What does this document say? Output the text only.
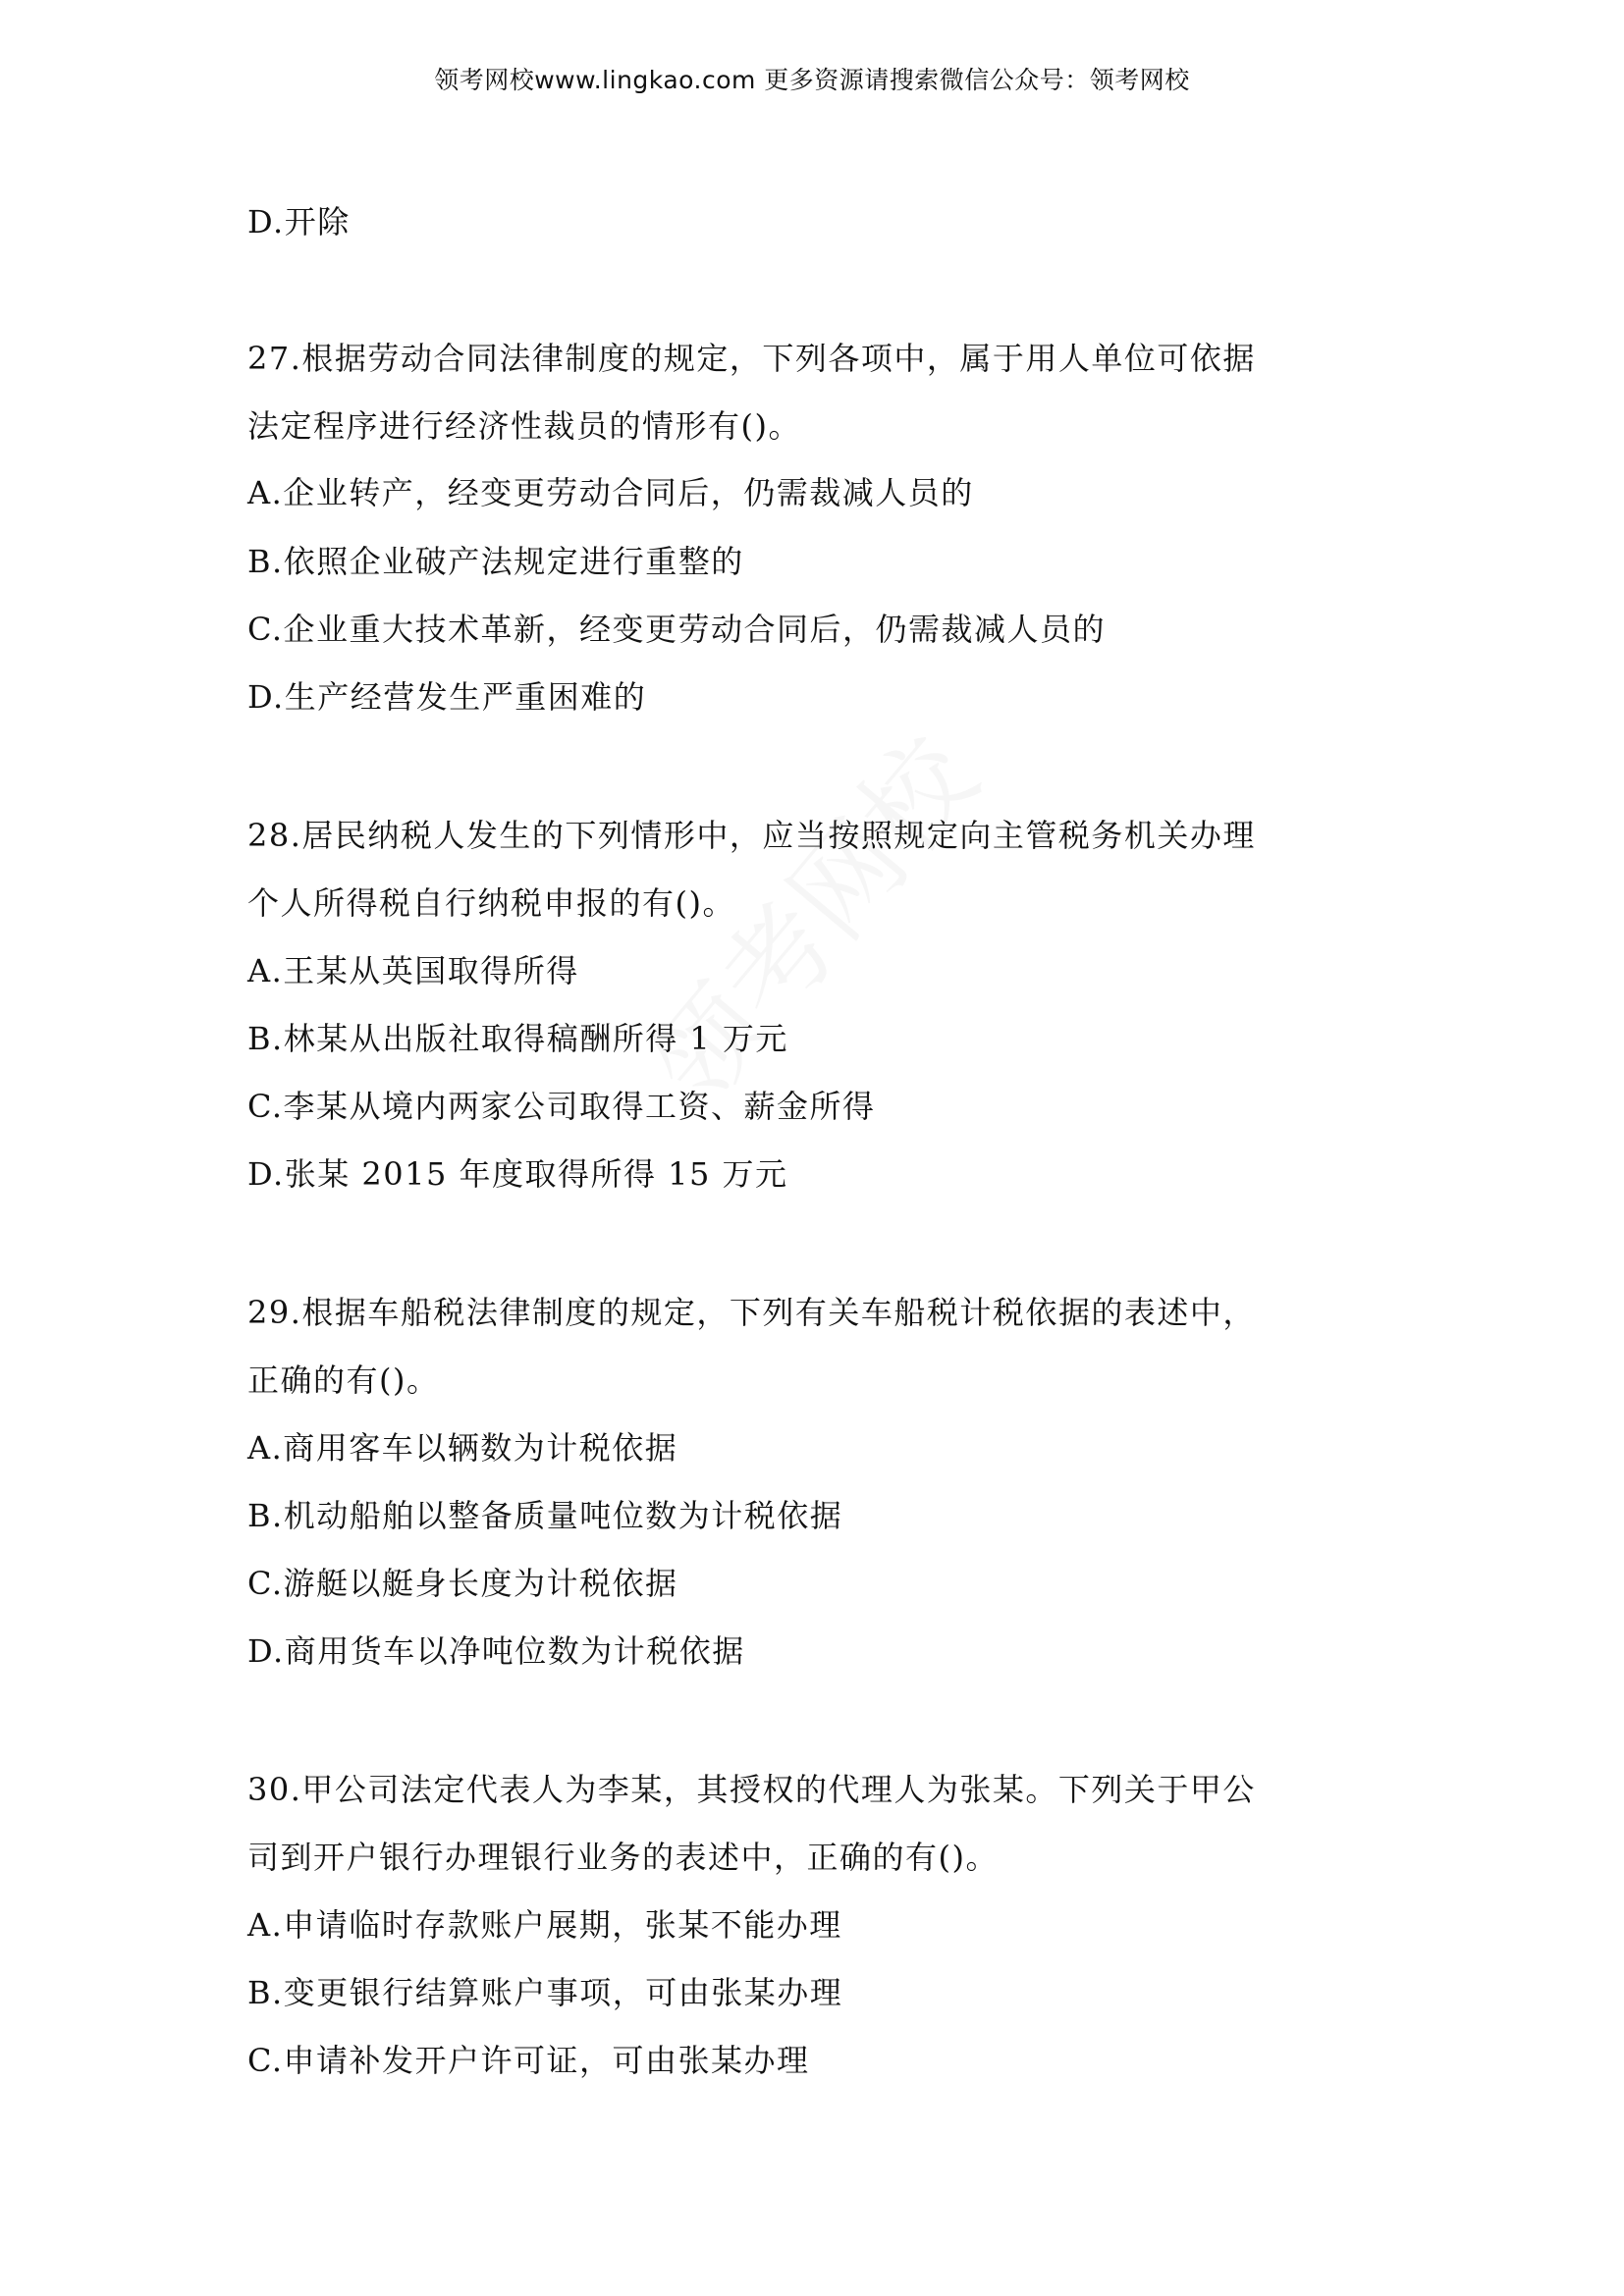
领考网校www.lingkao.com 更多资源请搜索微信公众号：领考网校
D.开除
27.根据劳动合同法律制度的规定，下列各项中，属于用人单位可依据
法定程序进行经济性裁员的情形有()。
A.企业转产，经变更劳动合同后，仍需裁减人员的
B.依照企业破产法规定进行重整的
C.企业重大技术革新，经变更劳动合同后，仍需裁减人员的
D.生产经营发生严重困难的
28.居民纳税人发生的下列情形中，应当按照规定向主管税务机关办理
个人所得税自行纳税申报的有()。
A.王某从英国取得所得
B.林某从出版社取得稿酬所得 1 万元
C.李某从境内两家公司取得工资、薪金所得
D.张某 2015 年度取得所得 15 万元
29.根据车船税法律制度的规定，下列有关车船税计税依据的表述中，
正确的有()。
A.商用客车以辆数为计税依据
B.机动船舶以整备质量吨位数为计税依据
C.游艇以艇身长度为计税依据
D.商用货车以净吨位数为计税依据
30.甲公司法定代表人为李某，其授权的代理人为张某。下列关于甲公
司到开户银行办理银行业务的表述中，正确的有()。
A.申请临时存款账户展期，张某不能办理
B.变更银行结算账户事项，可由张某办理
C.申请补发开户许可证，可由张某办理
